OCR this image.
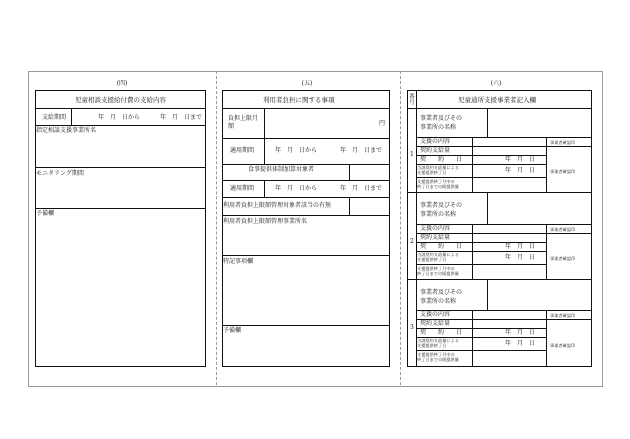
(四)	(五)	(六)
児童相談支援給付費の支給内容
支給期間	年　月　日から	年　月　日まで
指定相談支援事業所名
モニタリング期間
予備欄
利用者負担に関する事項
負担上限月額	円
適用期間	年　月　日から	年　月　日まで
食事提供体制加算対象者
適用期間	年　月　日から	年　月　日まで
利用者負担上限額管理対象者該当の有無
利用者負担上限額管理事業所名
特記事項欄
予備欄
番号	児童通所支援事業者記入欄
1
事業者及びその
事業所の名称
支援の内容
契約支給量
契　　約　　日	年　月　日
当該契約支給量による
支援提供終了日	年　月　日
支援提供終了月中の
終了日までの既提供量
事業者確認印
事業者確認印
2
事業者及びその
事業所の名称
支援の内容
契約支給量
契　　約　　日	年　月　日
当該契約支給量による
支援提供終了日	年　月　日
支援提供終了月中の
終了日までの既提供量
事業者確認印
事業者確認印
3
事業者及びその
事業所の名称
支援の内容
契約支給量
契　　約　　日	年　月　日
当該契約支給量による
支援提供終了日	年　月　日
支援提供終了月中の
終了日までの既提供量
事業者確認印
事業者確認印
